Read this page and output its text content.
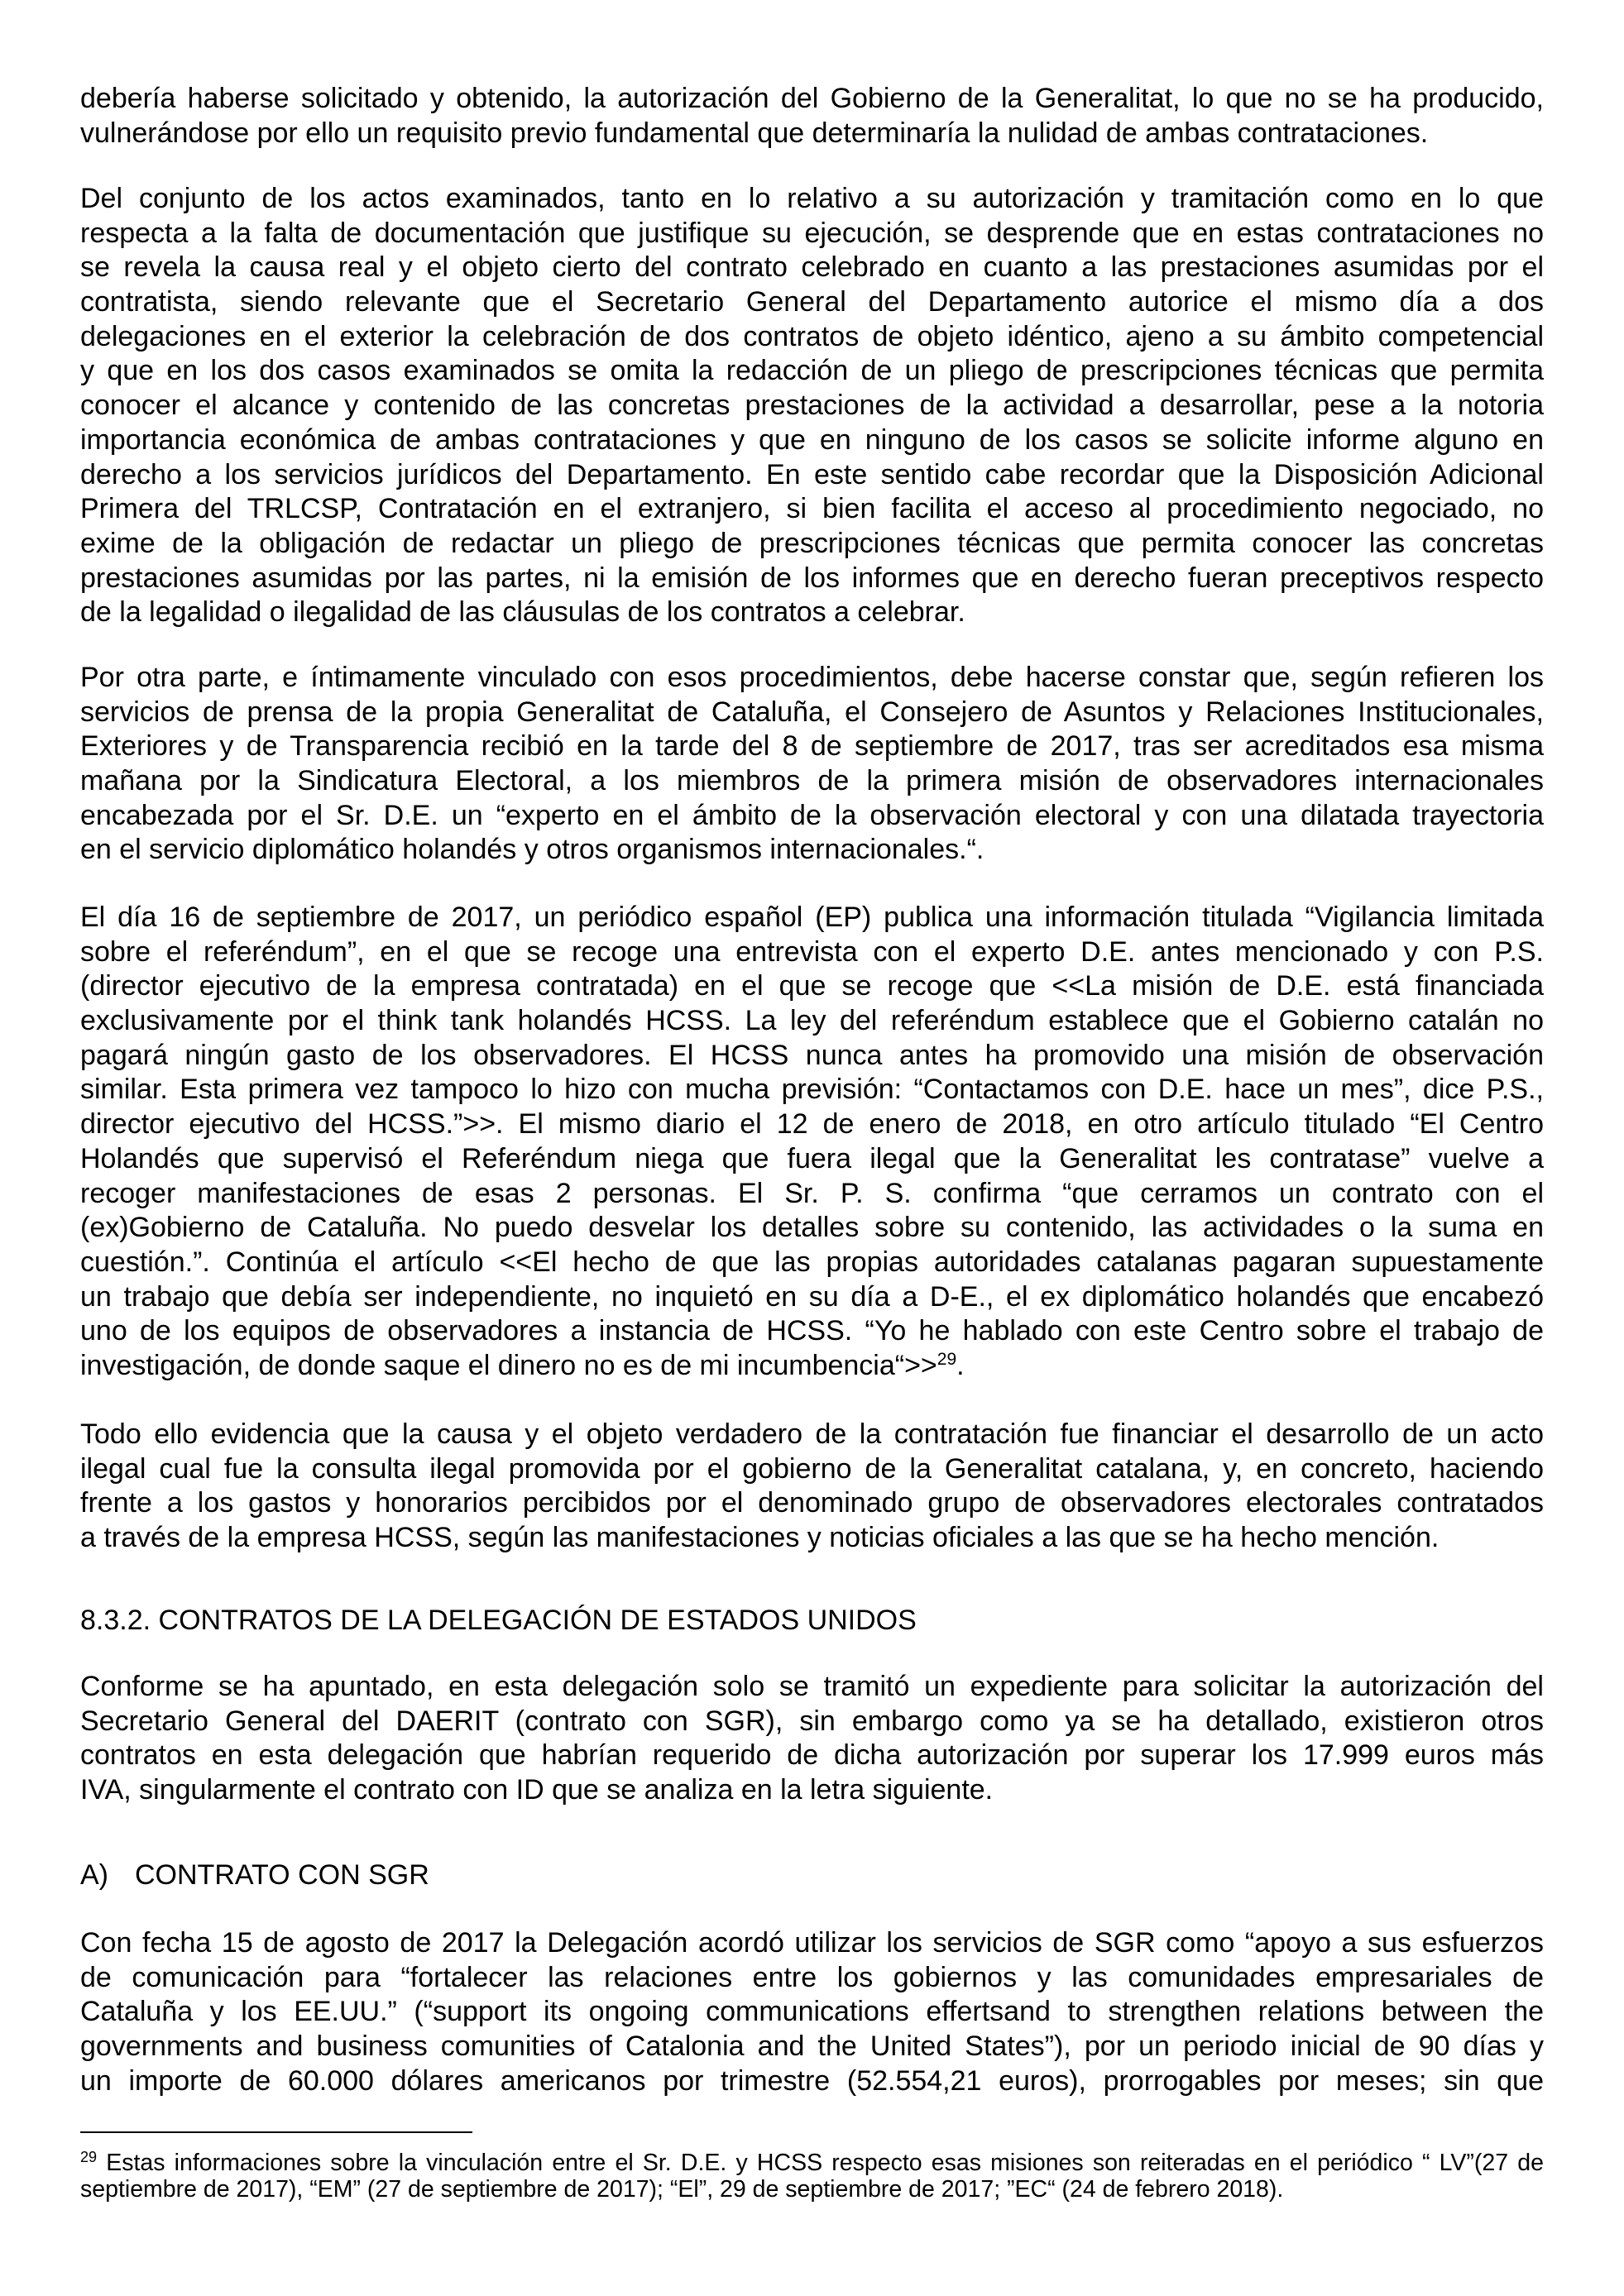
debería haberse solicitado y obtenido, la autorización del Gobierno de la Generalitat, lo que no se ha producido,
vulnerándose por ello un requisito previo fundamental que determinaría la nulidad de ambas contrataciones.
Del conjunto de los actos examinados, tanto en lo relativo a su autorización y tramitación como en lo que
respecta a la falta de documentación que justifique su ejecución, se desprende que en estas contrataciones no
se revela la causa real y el objeto cierto del contrato celebrado en cuanto a las prestaciones asumidas por el
contratista, siendo relevante que el Secretario General del Departamento autorice el mismo día a dos
delegaciones en el exterior la celebración de dos contratos de objeto idéntico, ajeno a su ámbito competencial
y que en los dos casos examinados se omita la redacción de un pliego de prescripciones técnicas que permita
conocer el alcance y contenido de las concretas prestaciones de la actividad a desarrollar, pese a la notoria
importancia económica de ambas contrataciones y que en ninguno de los casos se solicite informe alguno en
derecho a los servicios jurídicos del Departamento. En este sentido cabe recordar que la Disposición Adicional
Primera del TRLCSP, Contratación en el extranjero, si bien facilita el acceso al procedimiento negociado, no
exime de la obligación de redactar un pliego de prescripciones técnicas que permita conocer las concretas
prestaciones asumidas por las partes, ni la emisión de los informes que en derecho fueran preceptivos respecto
de la legalidad o ilegalidad de las cláusulas de los contratos a celebrar.
Por otra parte, e íntimamente vinculado con esos procedimientos, debe hacerse constar que, según refieren los
servicios de prensa de la propia Generalitat de Cataluña, el Consejero de Asuntos y Relaciones Institucionales,
Exteriores y de Transparencia recibió en la tarde del 8 de septiembre de 2017, tras ser acreditados esa misma
mañana por la Sindicatura Electoral, a los miembros de la primera misión de observadores internacionales
encabezada por el Sr. D.E. un “experto en el ámbito de la observación electoral y con una dilatada trayectoria
en el servicio diplomático holandés y otros organismos internacionales.“.
El día 16 de septiembre de 2017, un periódico español (EP) publica una información titulada “Vigilancia limitada
sobre el referéndum”, en el que se recoge una entrevista con el experto D.E. antes mencionado y con P.S.
(director ejecutivo de la empresa contratada) en el que se recoge que <<La misión de D.E. está financiada
exclusivamente por el think tank holandés HCSS. La ley del referéndum establece que el Gobierno catalán no
pagará ningún gasto de los observadores. El HCSS nunca antes ha promovido una misión de observación
similar. Esta primera vez tampoco lo hizo con mucha previsión: “Contactamos con D.E. hace un mes”, dice P.S.,
director ejecutivo del HCSS.”>>. El mismo diario el 12 de enero de 2018, en otro artículo titulado “El Centro
Holandés que supervisó el Referéndum niega que fuera ilegal que la Generalitat les contratase” vuelve a
recoger manifestaciones de esas 2 personas. El Sr. P. S. confirma “que cerramos un contrato con el
(ex)Gobierno de Cataluña. No puedo desvelar los detalles sobre su contenido, las actividades o la suma en
cuestión.”. Continúa el artículo <<El hecho de que las propias autoridades catalanas pagaran supuestamente
un trabajo que debía ser independiente, no inquietó en su día a D-E., el ex diplomático holandés que encabezó
uno de los equipos de observadores a instancia de HCSS. “Yo he hablado con este Centro sobre el trabajo de
investigación, de donde saque el dinero no es de mi incumbencia“>>$^{29}$.
Todo ello evidencia que la causa y el objeto verdadero de la contratación fue financiar el desarrollo de un acto
ilegal cual fue la consulta ilegal promovida por el gobierno de la Generalitat catalana, y, en concreto, haciendo
frente a los gastos y honorarios percibidos por el denominado grupo de observadores electorales contratados
a través de la empresa HCSS, según las manifestaciones y noticias oficiales a las que se ha hecho mención.
8.3.2. CONTRATOS DE LA DELEGACIÓN DE ESTADOS UNIDOS
Conforme se ha apuntado, en esta delegación solo se tramitó un expediente para solicitar la autorización del
Secretario General del DAERIT (contrato con SGR), sin embargo como ya se ha detallado, existieron otros
contratos en esta delegación que habrían requerido de dicha autorización por superar los 17.999 euros más
IVA, singularmente el contrato con ID que se analiza en la letra siguiente.
A) CONTRATO CON SGR
Con fecha 15 de agosto de 2017 la Delegación acordó utilizar los servicios de SGR como “apoyo a sus esfuerzos
de comunicación para “fortalecer las relaciones entre los gobiernos y las comunidades empresariales de
Cataluña y los EE.UU.” (“support its ongoing communications effertsand to strengthen relations between the
governments and business comunities of Catalonia and the United States”), por un periodo inicial de 90 días y
un importe de 60.000 dólares americanos por trimestre (52.554,21 euros), prorrogables por meses; sin que
$^{29}$ Estas informaciones sobre la vinculación entre el Sr. D.E. y HCSS respecto esas misiones son reiteradas en el periódico “ LV”(27 de
septiembre de 2017), “EM” (27 de septiembre de 2017); “El”, 29 de septiembre de 2017; ”EC“ (24 de febrero 2018).
